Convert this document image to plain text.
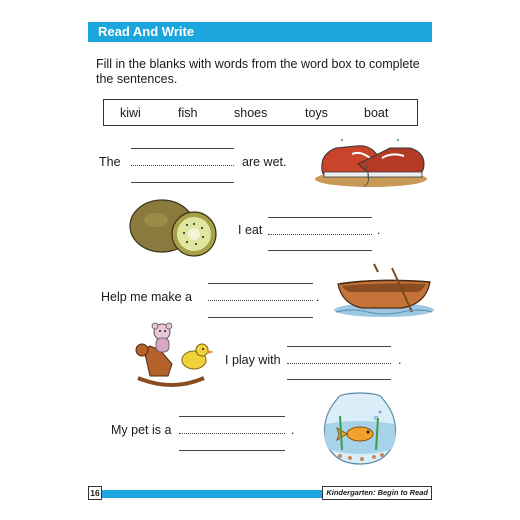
Read And Write
Fill in the blanks with words from the word box to complete the sentences.
kiwi	fish	shoes	toys	boat
The	are wet.
I eat	.
Help me make a	.
I play with	.
My pet is a	.
16	Kindergarten: Begin to Read
